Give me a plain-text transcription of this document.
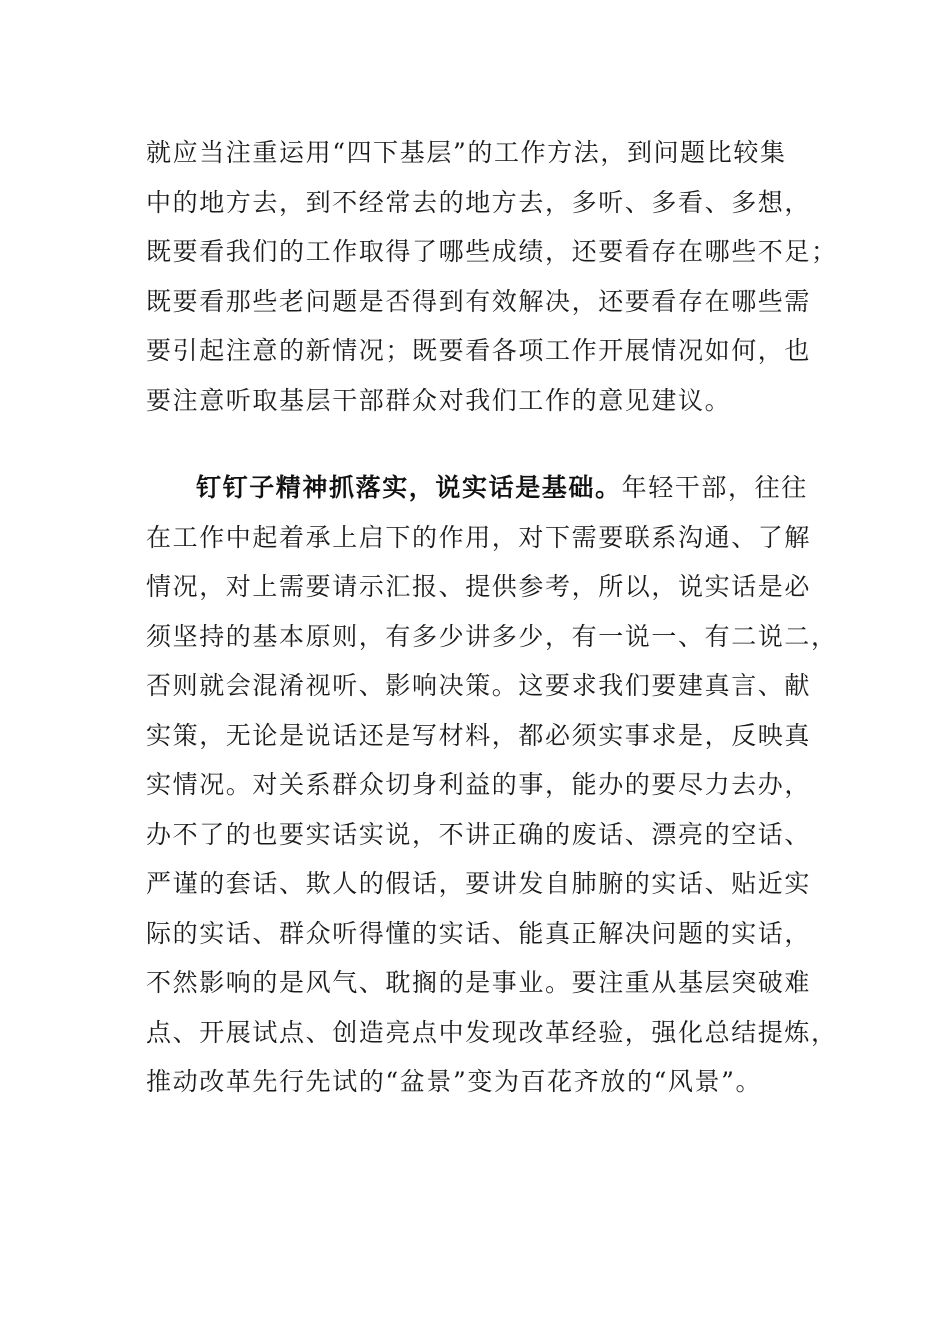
就应当注重运用“四下基层”的工作方法，到问题比较集
中的地方去，到不经常去的地方去，多听、多看、多想，
既要看我们的工作取得了哪些成绩，还要看存在哪些不足；
既要看那些老问题是否得到有效解决，还要看存在哪些需
要引起注意的新情况；既要看各项工作开展情况如何，也
要注意听取基层干部群众对我们工作的意见建议。
钉钉子精神抓落实，说实话是基础。年轻干部，往往
在工作中起着承上启下的作用，对下需要联系沟通、了解
情况，对上需要请示汇报、提供参考，所以，说实话是必
须坚持的基本原则，有多少讲多少，有一说一、有二说二，
否则就会混淆视听、影响决策。这要求我们要建真言、献
实策，无论是说话还是写材料，都必须实事求是，反映真
实情况。对关系群众切身利益的事，能办的要尽力去办，
办不了的也要实话实说，不讲正确的废话、漂亮的空话、
严谨的套话、欺人的假话，要讲发自肺腑的实话、贴近实
际的实话、群众听得懂的实话、能真正解决问题的实话，
不然影响的是风气、耽搁的是事业。要注重从基层突破难
点、开展试点、创造亮点中发现改革经验，强化总结提炼，
推动改革先行先试的“盆景”变为百花齐放的“风景”。
